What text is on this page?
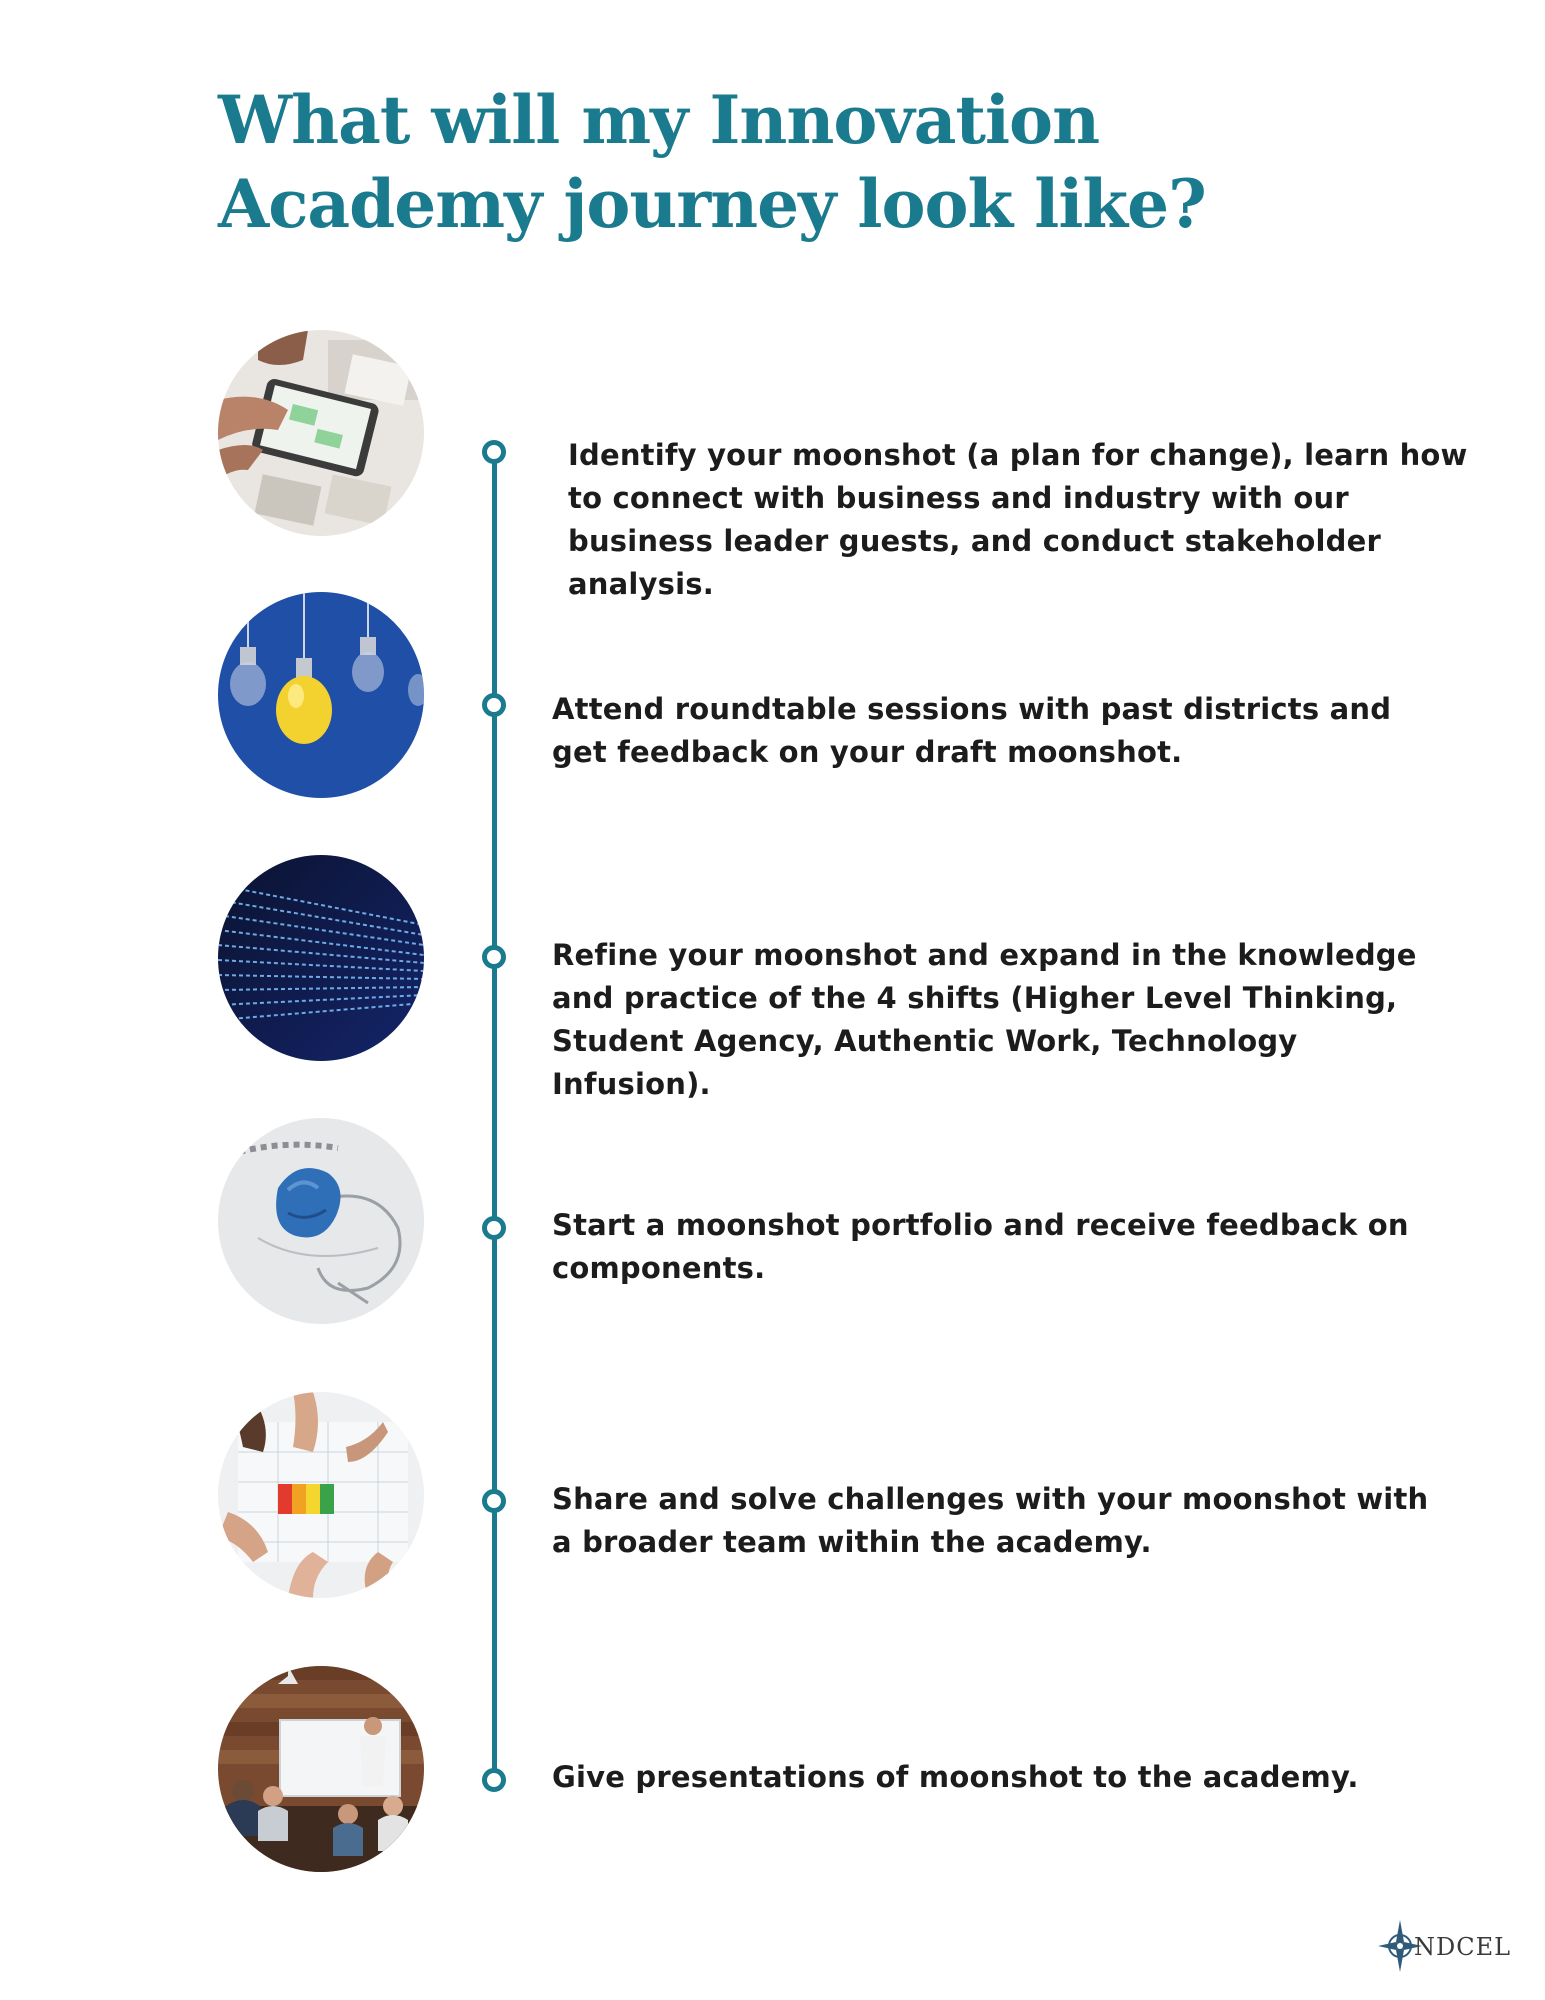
What will my Innovation Academy journey look like?

Identify your moonshot (a plan for change), learn how to connect with business and industry with our business leader guests, and conduct stakeholder analysis.

Attend roundtable sessions with past districts and get feedback on your draft moonshot.

Refine your moonshot and expand in the knowledge and practice of the 4 shifts (Higher Level Thinking, Student Agency, Authentic Work, Technology Infusion).

Start a moonshot portfolio and receive feedback on components.

Share and solve challenges with your moonshot with a broader team within the academy.

Give presentations of moonshot to the academy.

NDCEL
